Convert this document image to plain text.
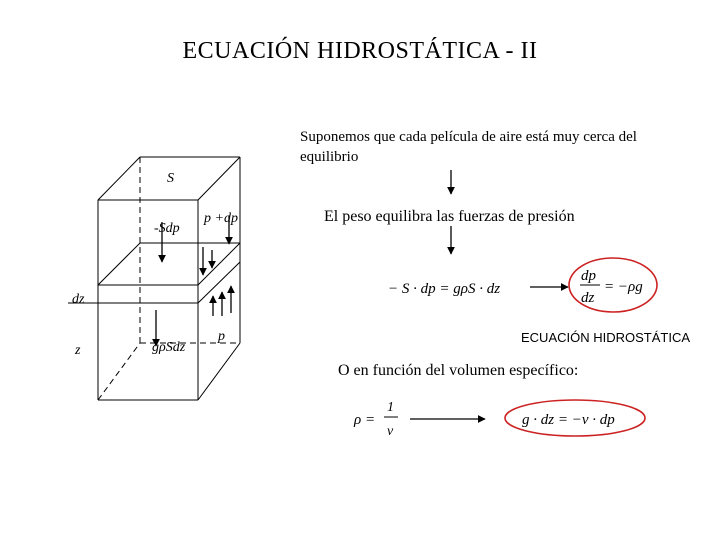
ECUACIÓN HIDROSTÁTICA - II
Suponemos que cada película de aire está muy cerca del equilibrio
El peso equilibra las fuerzas de presión
ECUACIÓN HIDROSTÁTICA
O en función del volumen específico:
S
p +dp
-Sdp
dz
p
gρSdz
z
− S · dp = gρS · dz
dp
dz
= −ρg
ρ =
1
v
g · dz = −v · dp
